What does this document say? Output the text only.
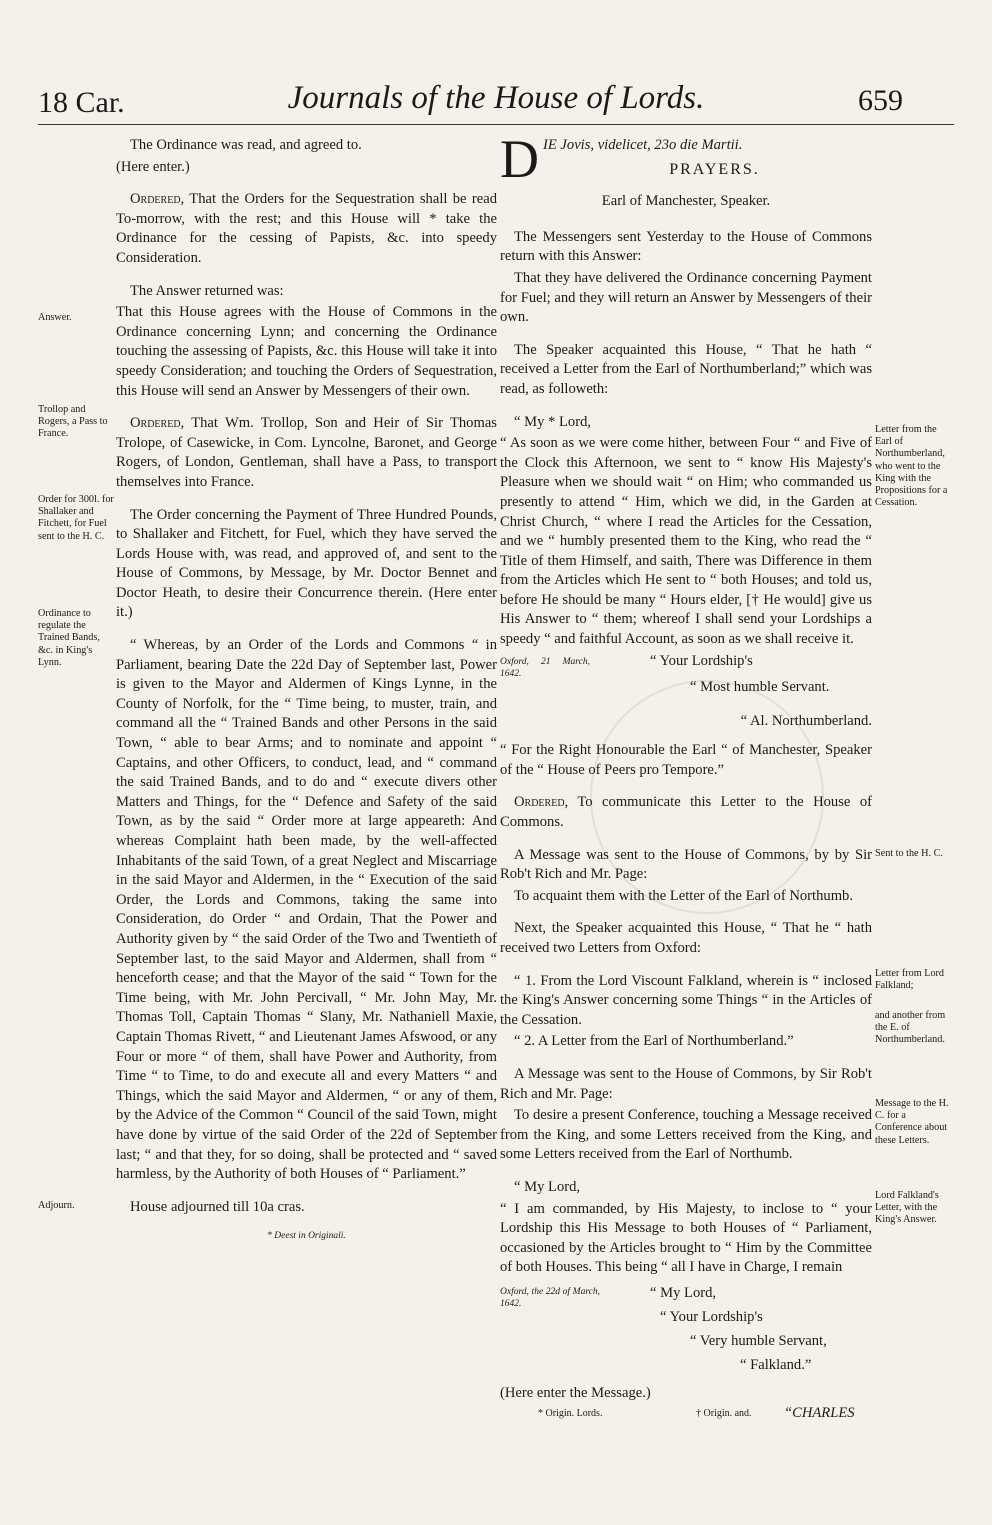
18 Car.	Journals of the House of Lords.	659
Answer.
Trollop and Rogers, a Pass to France.
Order for 300l. for Shallaker and Fitchett, for Fuel sent to the H. C.
Ordinance to regulate the Trained Bands, &c. in King's Lynn.
Adjourn.

The Ordinance was read, and agreed to.

(Here enter.)

Ordered, That the Orders for the Sequestration shall be read To-morrow, with the rest; and this House will * take the Ordinance for the cessing of Papists, &c. into speedy Consideration.

The Answer returned was:

That this House agrees with the House of Commons in the Ordinance concerning Lynn; and concerning the Ordinance touching the assessing of Papists, &c. this House will take it into speedy Consideration; and touching the Orders of Sequestration, this House will send an Answer by Messengers of their own.

Ordered, That Wm. Trollop, Son and Heir of Sir Thomas Trolope, of Casewicke, in Com. Lyncolne, Baronet, and George Rogers, of London, Gentleman, shall have a Pass, to transport themselves into France.

The Order concerning the Payment of Three Hundred Pounds, to Shallaker and Fitchett, for Fuel, which they have served the Lords House with, was read, and approved of, and sent to the House of Commons, by Message, by Mr. Doctor Bennet and Doctor Heath, to desire their Concurrence therein. (Here enter it.)

“ Whereas, by an Order of the Lords and Commons “ in Parliament, bearing Date the 22d Day of September last, Power is given to the Mayor and Aldermen of Kings Lynne, in the County of Norfolk, for the “ Time being, to muster, train, and command all the “ Trained Bands and other Persons in the said Town, “ able to bear Arms; and to nominate and appoint “ Captains, and other Officers, to conduct, lead, and “ command the said Trained Bands, and to do and “ execute divers other Matters and Things, for the “ Defence and Safety of the said Town, as by the said “ Order more at large appeareth: And whereas Complaint hath been made, by the well-affected Inhabitants of the said Town, of a great Neglect and Miscarriage in the said Mayor and Aldermen, in the “ Execution of the said Order, the Lords and Commons, taking the same into Consideration, do Order “ and Ordain, That the Power and Authority given by “ the said Order of the Two and Twentieth of September last, to the said Mayor and Aldermen, shall from “ henceforth cease; and that the Mayor of the said “ Town for the Time being, with Mr. John Percivall, “ Mr. John May, Mr. Thomas Toll, Captain Thomas “ Slany, Mr. Nathaniell Maxie, Captain Thomas Rivett, “ and Lieutenant James Afswood, or any Four or more “ of them, shall have Power and Authority, from Time “ to Time, to do and execute all and every Matters “ and Things, which the said Mayor and Aldermen, “ or any of them, by the Advice of the Common “ Council of the said Town, might have done by virtue of the said Order of the 22d of September last; “ and that they, for so doing, shall be protected and “ saved harmless, by the Authority of both Houses of “ Parliament.”

House adjourned till 10a cras.

* Deest in Originali.

Letter from the Earl of Northumberland, who went to the King with the Propositions for a Cessation.
Sent to the H. C.
Letter from Lord Falkland;
and another from the E. of Northumberland.
Message to the H. C. for a Conference about these Letters.
Lord Falkland's Letter, with the King's Answer.

DIE Jovis, videlicet, 23o die Martii.

PRAYERS.

Earl of Manchester, Speaker.

The Messengers sent Yesterday to the House of Commons return with this Answer:

That they have delivered the Ordinance concerning Payment for Fuel; and they will return an Answer by Messengers of their own.

The Speaker acquainted this House, “ That he hath “ received a Letter from the Earl of Northumberland;” which was read, as followeth:

“ My * Lord,

“ As soon as we were come hither, between Four “ and Five of the Clock this Afternoon, we sent to “ know His Majesty's Pleasure when we should wait “ on Him; who commanded us presently to attend “ Him, which we did, in the Garden at Christ Church, “ where I read the Articles for the Cessation, and we “ humbly presented them to the King, who read the “ Title of them Himself, and saith, There was Difference in them from the Articles which He sent to “ both Houses; and told us, before He should be many “ Hours elder, [† He would] give us His Answer to “ them; whereof I shall send your Lordships a speedy “ and faithful Account, as soon as we shall receive it.

Oxford, 21 March, 1642.
“ Your Lordship's
“ Most humble Servant.

“ Al. Northumberland.

“ For the Right Honourable the Earl “ of Manchester, Speaker of the “ House of Peers pro Tempore.”

Ordered, To communicate this Letter to the House of Commons.

A Message was sent to the House of Commons, by by Sir Rob't Rich and Mr. Page:

To acquaint them with the Letter of the Earl of Northumb.

Next, the Speaker acquainted this House, “ That he “ hath received two Letters from Oxford:

“ 1. From the Lord Viscount Falkland, wherein is “ inclosed the King's Answer concerning some Things “ in the Articles of the Cessation.

“ 2. A Letter from the Earl of Northumberland.”

A Message was sent to the House of Commons, by Sir Rob't Rich and Mr. Page:

To desire a present Conference, touching a Message received from the King, and some Letters received from the King, and some Letters received from the Earl of Northumb.

“ My Lord,

“ I am commanded, by His Majesty, to inclose to “ your Lordship this His Message to both Houses of “ Parliament, occasioned by the Articles brought to “ Him by the Committee of both Houses. This being “ all I have in Charge, I remain

Oxford, the 22d of March, 1642.
“ My Lord,
“ Your Lordship's
“ Very humble Servant,
“ Falkland.”

(Here enter the Message.)

* Origin. Lords.	† Origin. and. “CHARLES
